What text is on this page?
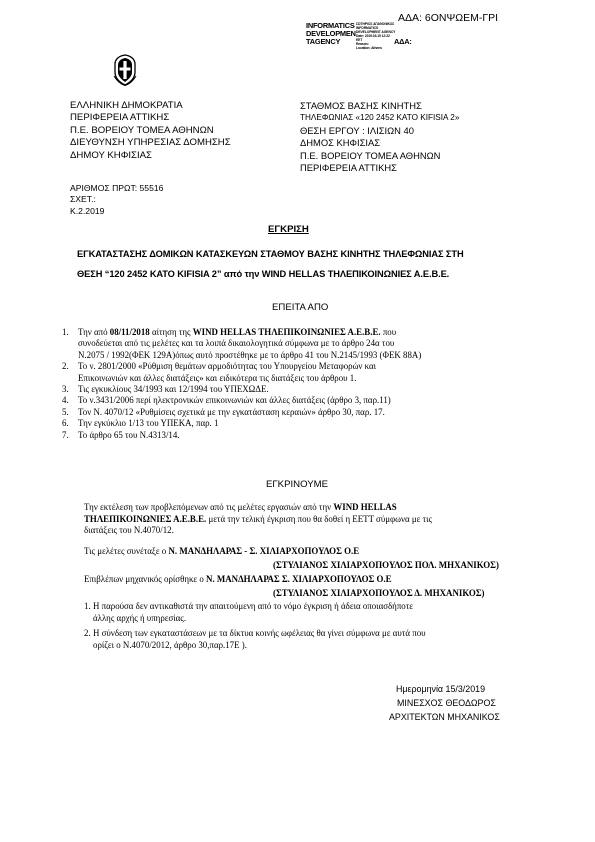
ΑΔΑ: 6ΟΝΨΩΕΜ-ΓΡΙ
INFORMATICS
DEVELOPMEN
TAGENCY
ΣΩΤΗΡΙΟΣ ΑΓΑΘΟΝΙΚΟΣ
INFORMATICS
DEVELOPMENT AGENCY
Date: 2019.03.15 12:22
EET
Reason:
Location: Athens
ΑΔΑ:
ΕΛΛΗΝΙΚΗ ΔΗΜΟΚΡΑΤΙΑ
ΠΕΡΙΦΕΡΕΙΑ ΑΤΤΙΚΗΣ
Π.Ε. ΒΟΡΕΙΟΥ ΤΟΜΕΑ ΑΘΗΝΩΝ
ΔΙΕΥΘΥΝΣΗ ΥΠΗΡΕΣΙΑΣ ΔΟΜΗΣΗΣ
ΔΗΜΟΥ ΚΗΦΙΣΙΑΣ
ΑΡΙΘΜΟΣ ΠΡΩΤ: 55516
ΣΧΕΤ.:
Κ.2.2019
ΣΤΑΘΜΟΣ ΒΑΣΗΣ ΚΙΝΗΤΗΣ
ΤΗΛΕΦΩΝΙΑΣ «120 2452 ΚΑΤΟ KIFISIA 2»
ΘΕΣΗ ΕΡΓΟΥ : ΙΛΙΣΙΩΝ 40
ΔΗΜΟΣ ΚΗΦΙΣΙΑΣ
Π.Ε. ΒΟΡΕΙΟΥ ΤΟΜΕΑ ΑΘΗΝΩΝ
ΠΕΡΙΦΕΡΕΙΑ ΑΤΤΙΚΗΣ
ΕΓΚΡΙΣΗ
ΕΓΚΑΤΑΣΤΑΣΗΣ ΔΟΜΙΚΩΝ ΚΑΤΑΣΚΕΥΩΝ ΣΤΑΘΜΟΥ ΒΑΣΗΣ ΚΙΝΗΤΗΣ ΤΗΛΕΦΩΝΙΑΣ ΣΤΗ
ΘΕΣΗ “120 2452 ΚΑΤΟ KIFISIA 2” από την WIND HELLAS ΤΗΛΕΠΙΚΟΙΝΩΝΙΕΣ Α.Ε.Β.Ε.
ΕΠΕΙΤΑ ΑΠΟ
1. Την από 08/11/2018 αίτηση της WIND HELLAS ΤΗΛΕΠΙΚΟΙΝΩΝΙΕΣ Α.Ε.Β.Ε. που
συνοδεύεται από τις μελέτες και τα λοιπά δικαιολογητικά σύμφωνα με το άρθρο 24α του
Ν.2075 / 1992(ΦΕΚ 129Α)όπως αυτό προστέθηκε με το άρθρο 41 του Ν.2145/1993 (ΦΕΚ 88Α)
2. Το ν. 2801/2000 «Ρύθμιση θεμάτων αρμοδιότητας του Υπουργείου Μεταφορών και
Επικοινωνιών και άλλες διατάξεις» και ειδικότερα τις διατάξεις του άρθρου 1.
3. Τις εγκυκλίους 34/1993 και 12/1994 του ΥΠΕΧΩΔΕ.
4. Το ν.3431/2006 περί ηλεκτρονικών επικοινωνιών και άλλες διατάξεις (άρθρο 3, παρ.11)
5. Τον Ν. 4070/12 «Ρυθμίσεις σχετικά με την εγκατάσταση κεραιών» άρθρο 30, παρ. 17.
6. Την εγκύκλιο 1/13 του ΥΠΕΚΑ, παρ. 1
7. Το άρθρο 65 του Ν.4313/14.
ΕΓΚΡΙΝΟΥΜΕ
Την εκτέλεση των προβλεπόμενων από τις μελέτες εργασιών από την WIND HELLAS
ΤΗΛΕΠΙΚΟΙΝΩΝΙΕΣ Α.Ε.Β.Ε. μετά την τελική έγκριση που θα δοθεί η ΕΕΤΤ σύμφωνα με τις
διατάξεις του Ν.4070/12.
Τις μελέτες συνέταξε ο Ν. ΜΑΝΔΗΛΑΡΑΣ - Σ. ΧΙΛΙΑΡΧΟΠΟΥΛΟΣ Ο.Ε
(ΣΤΥΛΙΑΝΟΣ ΧΙΛΙΑΡΧΟΠΟΥΛΟΣ ΠΟΛ. ΜΗΧΑΝΙΚΟΣ)
Επιβλέπων μηχανικός ορίσθηκε ο Ν. ΜΑΝΔΗΛΑΡΑΣ Σ. ΧΙΛΙΑΡΧΟΠΟΥΛΟΣ Ο.Ε
(ΣΤΥΛΙΑΝΟΣ ΧΙΛΙΑΡΧΟΠΟΥΛΟΣ Δ. ΜΗΧΑΝΙΚΟΣ)
1. Η παρούσα δεν αντικαθιστά την απαιτούμενη από το νόμο έγκριση ή άδεια οποιασδήποτε
άλλης αρχής ή υπηρεσίας.
2. Η σύνδεση των εγκαταστάσεων με τα δίκτυα κοινής ωφέλειας θα γίνει σύμφωνα με αυτά που
ορίζει ο Ν.4070/2012, άρθρο 30,παρ.17Ε ).
Ημερομηνία 15/3/2019
ΜΙΝΕΣΧΟΣ ΘΕΟΔΩΡΟΣ
ΑΡΧΙΤΕΚΤΩΝ ΜΗΧΑΝΙΚΟΣ
